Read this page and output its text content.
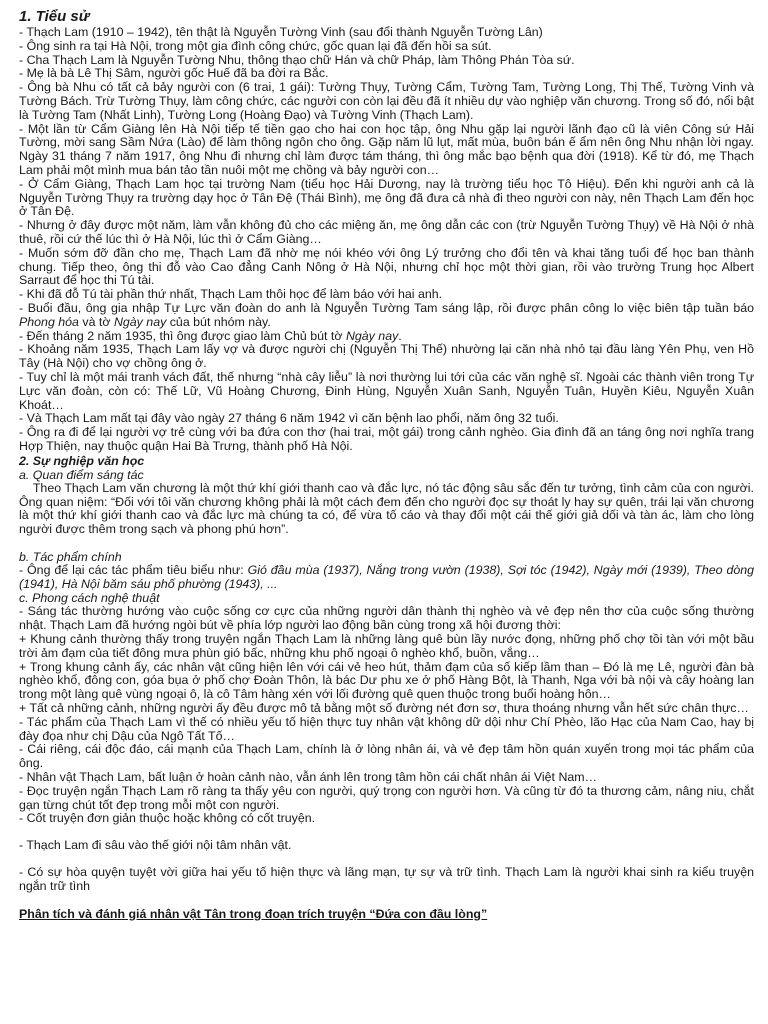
1. Tiểu sử
- Thạch Lam (1910 – 1942), tên thật là Nguyễn Tường Vinh (sau đổi thành Nguyễn Tường Lân)
- Ông sinh ra tại Hà Nội, trong một gia đình công chức, gốc quan lại đã đến hồi sa sút.
- Cha Thạch Lam là Nguyễn Tường Nhu, thông thạo chữ Hán và chữ Pháp, làm Thông Phán Tòa sứ.
- Mẹ là bà Lê Thị Sâm, người gốc Huế đã ba đời ra Bắc.
- Ông bà Nhu có tất cả bảy người con (6 trai, 1 gái): Tường Thụy, Tường Cẩm, Tường Tam, Tường Long, Thị Thế, Tường Vinh và Tường Bách. Trừ Tường Thụy, làm công chức, các người con còn lại đều đã ít nhiều dự vào nghiệp văn chương. Trong số đó, nổi bật là Tường Tam (Nhất Linh), Tường Long (Hoàng Đạo) và Tường Vinh (Thạch Lam).
- Một lần từ Cẩm Giàng lên Hà Nội tiếp tế tiền gạo cho hai con học tập, ông Nhu gặp lại người lãnh đạo cũ là viên Công sứ Hải Tường, mời sang Sầm Nứa (Lào) để làm thông ngôn cho ông. Gặp năm lũ lụt, mất mùa, buôn bán ế ẩm nên ông Nhu nhận lời ngay. Ngày 31 tháng 7 năm 1917, ông Nhu đi nhưng chỉ làm được tám tháng, thì ông mắc bạo bệnh qua đời (1918). Kể từ đó, mẹ Thạch Lam phải một mình mua bán tảo tần nuôi một mẹ chồng và bảy người con…
- Ở Cẩm Giàng, Thạch Lam học tại trường Nam (tiểu học Hải Dương, nay là trường tiểu học Tô Hiệu). Đến khi người anh cả là Nguyễn Tường Thụy ra trường dạy học ở Tân Đệ (Thái Bình), mẹ ông đã đưa cả nhà đi theo người con này, nên Thạch Lam đến học ở Tân Đệ.
- Nhưng ở đây được một năm, làm vẫn không đủ cho các miệng ăn, mẹ ông dẫn các con (trừ Nguyễn Tường Thụy) về Hà Nội ở nhà thuê, rồi cứ thế lúc thì ở Hà Nội, lúc thì ở Cẩm Giàng…
- Muốn sớm đỡ đần cho mẹ, Thạch Lam đã nhờ mẹ nói khéo với ông Lý trưởng cho đổi tên và khai tăng tuổi để học ban thành chung. Tiếp theo, ông thi đỗ vào Cao đẳng Canh Nông ở Hà Nội, nhưng chỉ học một thời gian, rồi vào trường Trung học Albert Sarraut để học thi Tú tài.
- Khi đã đỗ Tú tài phần thứ nhất, Thạch Lam thôi học để làm báo với hai anh.
- Buổi đầu, ông gia nhập Tự Lực văn đoàn do anh là Nguyễn Tường Tam sáng lập, rồi được phân công lo việc biên tập tuần báo Phong hóa và tờ Ngày nay của bút nhóm này.
- Đến tháng 2 năm 1935, thì ông được giao làm Chủ bút tờ Ngày nay.
- Khoảng năm 1935, Thạch Lam lấy vợ và được người chị (Nguyễn Thị Thế) nhường lại căn nhà nhỏ tại đầu làng Yên Phụ, ven Hồ Tây (Hà Nội) cho vợ chồng ông ở.
- Tuy chỉ là một mái tranh vách đất, thế nhưng “nhà cây liễu” là nơi thường lui tới của các văn nghệ sĩ. Ngoài các thành viên trong Tự Lực văn đoàn, còn có: Thế Lữ, Vũ Hoàng Chương, Đinh Hùng, Nguyễn Xuân Sanh, Nguyễn Tuân, Huyền Kiêu, Nguyễn Xuân Khoát…
- Và Thạch Lam mất tại đây vào ngày 27 tháng 6 năm 1942 vì căn bệnh lao phổi, năm ông 32 tuổi.
- Ông ra đi để lại người vợ trẻ cùng với ba đứa con thơ (hai trai, một gái) trong cảnh nghèo. Gia đình đã an táng ông nơi nghĩa trang Hợp Thiện, nay thuộc quận Hai Bà Trưng, thành phố Hà Nội.
2. Sự nghiệp văn học
a. Quan điểm sáng tác
Theo Thạch Lam văn chương là một thứ khí giới thanh cao và đắc lực, nó tác động sâu sắc đến tư tưởng, tình cảm của con người. Ông quan niệm: “Đối với tôi văn chương không phải là một cách đem đến cho người đọc sự thoát ly hay sự quên, trái lại văn chương là một thứ khí giới thanh cao và đắc lực mà chúng ta có, để vừa tố cáo và thay đổi một cái thế giới giả dối và tàn ác, làm cho lòng người được thêm trong sạch và phong phú hơn”.
b. Tác phẩm chính
- Ông để lại các tác phẩm tiêu biểu như: Gió đầu mùa (1937), Nắng trong vườn (1938), Sợi tóc (1942), Ngày mới (1939), Theo dòng (1941), Hà Nội băm sáu phố phường (1943), ...
c. Phong cách nghệ thuật
- Sáng tác thường hướng vào cuộc sống cơ cực của những người dân thành thị nghèo và vẻ đẹp nên thơ của cuộc sống thường nhật. Thạch Lam đã hướng ngòi bút về phía lớp người lao động bần cùng trong xã hội đương thời:
+ Khung cảnh thường thấy trong truyện ngắn Thạch Lam là những làng quê bùn lầy nước đọng, những phố chợ tồi tàn với một bầu trời ảm đạm của tiết đông mưa phùn gió bấc, những khu phố ngoại ô nghèo khổ, buồn, vắng…
+ Trong khung cảnh ấy, các nhân vật cũng hiện lên với cái vẻ heo hút, thảm đạm của số kiếp lầm than – Đó là mẹ Lê, người đàn bà nghèo khổ, đông con, góa bụa ở phố chợ Đoàn Thôn, là bác Dư phu xe ở phố Hàng Bột, là Thanh, Nga với bà nội và cây hoàng lan trong một làng quê vùng ngoại ô, là cô Tâm hàng xén với lối đường quê quen thuộc trong buổi hoàng hôn…
+ Tất cả những cảnh, những người ấy đều được mô tả bằng một số đường nét đơn sơ, thưa thoáng nhưng vẫn hết sức chân thực…
- Tác phẩm của Thạch Lam vì thế có nhiều yếu tố hiện thực tuy nhân vật không dữ dội như Chí Phèo, lão Hạc của Nam Cao, hay bị đày đọa như chị Dậu của Ngô Tất Tố…
- Cái riêng, cái độc đáo, cái mạnh của Thạch Lam, chính là ở lòng nhân ái, và vẻ đẹp tâm hồn quán xuyến trong mọi tác phẩm của ông.
- Nhân vật Thạch Lam, bất luận ở hoàn cảnh nào, vẫn ánh lên trong tâm hồn cái chất nhân ái Việt Nam…
- Đọc truyện ngắn Thạch Lam rõ ràng ta thấy yêu con người, quý trọng con người hơn. Và cũng từ đó ta thương cảm, nâng niu, chắt gạn từng chút tốt đẹp trong mỗi một con người.
- Cốt truyện đơn giản thuộc hoặc không có cốt truyện.
- Thạch Lam đi sâu vào thế giới nội tâm nhân vật.
- Có sự hòa quyện tuyệt vời giữa hai yếu tố hiện thực và lãng mạn, tự sự và trữ tình. Thạch Lam là người khai sinh ra kiểu truyện ngắn trữ tình
Phân tích và đánh giá nhân vật Tân trong đoạn trích truyện “Đứa con đầu lòng”
